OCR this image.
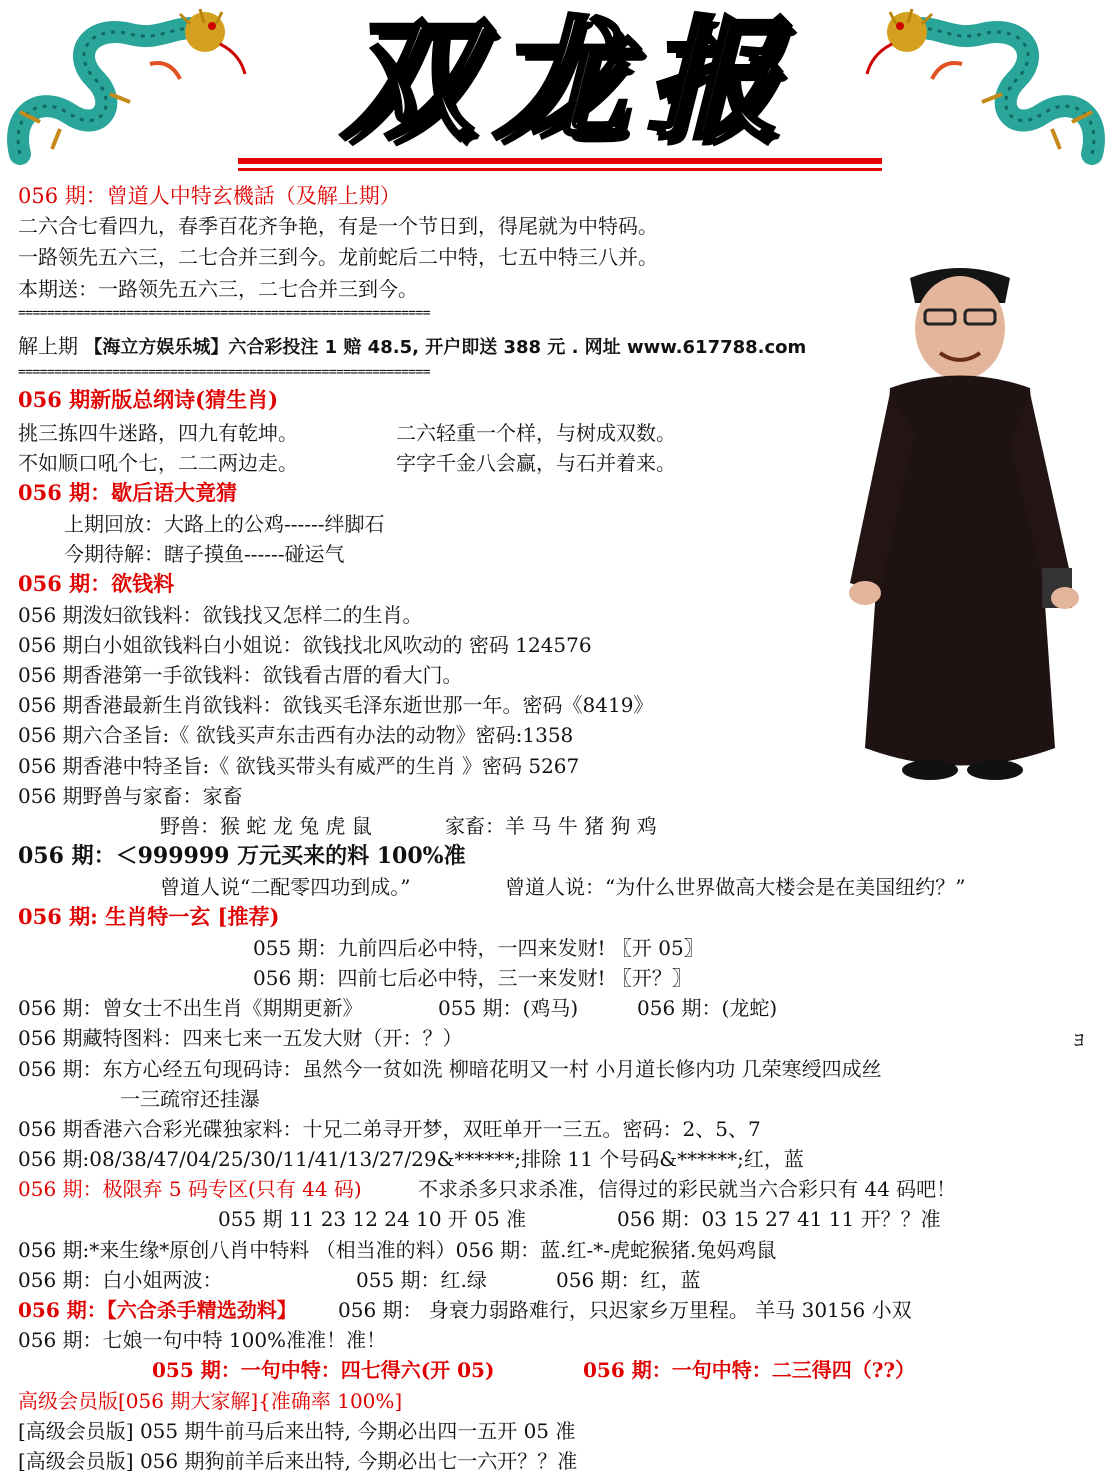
双龙报
056 期：曾道人中特玄機話（及解上期）
二六合七看四九，春季百花齐争艳，有是一个节日到，得尾就为中特码。
一路领先五六三，二七合并三到今。龙前蛇后二中特，七五中特三八并。
本期送：一路领先五六三，二七合并三到今。
=========================================================
解上期 【海立方娱乐城】六合彩投注 1 赔 48.5, 开户即送 388 元 . 网址 www.617788.com
=========================================================
056 期新版总纲诗(猜生肖)
挑三拣四牛迷路，四九有乾坤。	二六轻重一个样，与树成双数。
不如顺口吼个七，二二两边走。	字字千金八会赢，与石并着来。
056 期：歇后语大竟猜
上期回放：大路上的公鸡------绊脚石
今期待解：瞎子摸鱼------碰运气
056 期：欲钱料
056 期泼妇欲钱料：欲钱找又怎样二的生肖。
056 期白小姐欲钱料白小姐说：欲钱找北风吹动的 密码 124576
056 期香港第一手欲钱料：欲钱看古厝的看大门。
056 期香港最新生肖欲钱料：欲钱买毛泽东逝世那一年。密码《8419》
056 期六合圣旨:《 欲钱买声东击西有办法的动物》密码:1358
056 期香港中特圣旨:《 欲钱买带头有威严的生肖 》密码 5267
056 期野兽与家畜：家畜
野兽：猴 蛇 龙 兔 虎 鼠	家畜：羊 马 牛 猪 狗 鸡
056 期：＜999999 万元买来的料 100%准
曾道人说“二配零四功到成。”	曾道人说：“为什么世界做高大楼会是在美国纽约？”
056 期: 生肖特一玄 [推荐)
055 期：九前四后必中特，一四来发财! 〖开 05〗
056 期：四前七后必中特，三一来发财! 〖开？〗
056 期：曾女士不出生肖《期期更新》	055 期：(鸡马)	056 期：(龙蛇)
056 期藏特图料：四来七来一五发大财（开：？）	ﾖ
056 期：东方心经五句现码诗：虽然今一贫如洗 柳暗花明又一村 小月道长修内功 几荣寒绶四成丝
一三疏帘还挂瀑
056 期香港六合彩光碟独家料：十兄二弟寻开梦，双旺单开一三五。密码：2、5、7
056 期:08/38/47/04/25/30/11/41/13/27/29&******;排除 11 个号码&******;红，蓝
056 期：极限弃 5 码专区(只有 44 码)	不求杀多只求杀准，信得过的彩民就当六合彩只有 44 码吧！
055 期 11 23 12 24 10 开 05 准	056 期：03 15 27 41 11 开？？准
056 期:*来生缘*原创八肖中特料 （相当准的料）056 期：蓝.红-*-虎蛇猴猪.兔妈鸡鼠
056 期：白小姐两波：	055 期：红.绿	056 期：红，蓝
056 期：【六合杀手精选劲料】 056 期： 身衰力弱路难行，只迟家乡万里程。 羊马 30156 小双
056 期：七娘一句中特 100%准准！准！
055 期：一句中特：四七得六(开 05)	056 期：一句中特：二三得四（??）
高级会员版[056 期大家解]{准确率 100%]
[高级会员版] 055 期牛前马后来出特, 今期必出四一五开 05 准
[高级会员版] 056 期狗前羊后来出特, 今期必出七一六开？？准
